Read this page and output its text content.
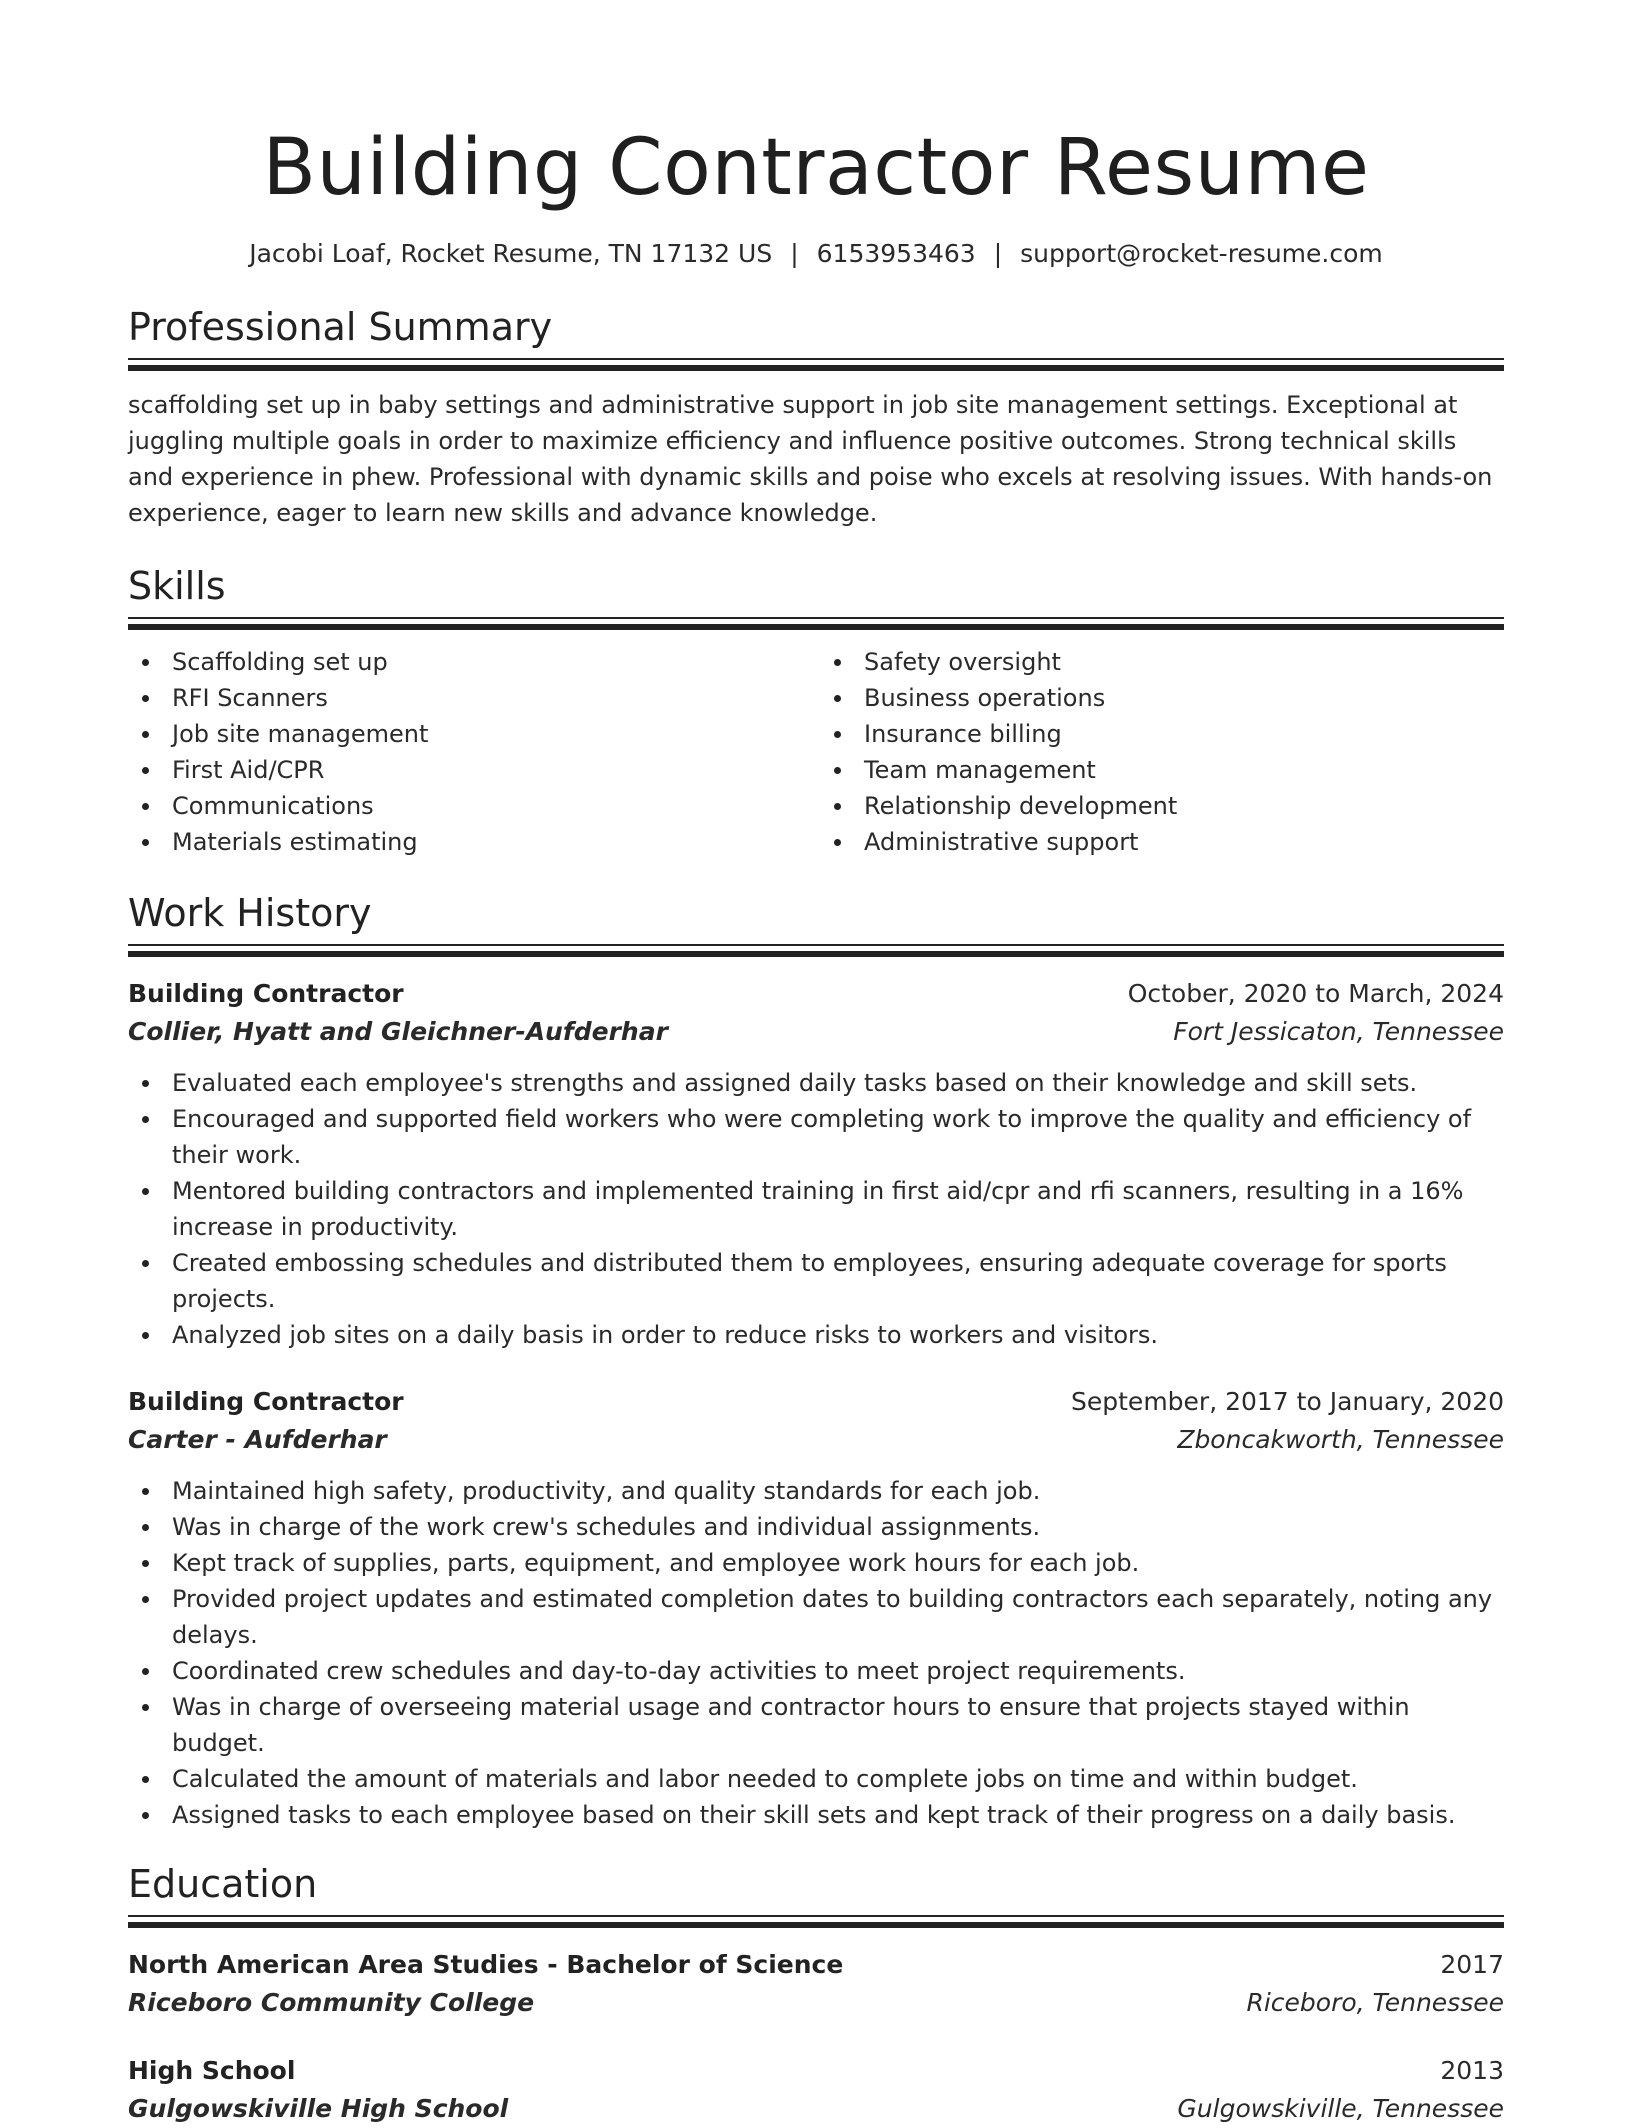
Building Contractor Resume
Jacobi Loaf, Rocket Resume, TN 17132 US | 6153953463 | support@rocket-resume.com
Professional Summary
scaffolding set up in baby settings and administrative support in job site management settings. Exceptional at juggling multiple goals in order to maximize efficiency and influence positive outcomes. Strong technical skills and experience in phew. Professional with dynamic skills and poise who excels at resolving issues. With hands-on experience, eager to learn new skills and advance knowledge.
Skills
Scaffolding set up
RFI Scanners
Job site management
First Aid/CPR
Communications
Materials estimating
Safety oversight
Business operations
Insurance billing
Team management
Relationship development
Administrative support
Work History
Building Contractor	October, 2020 to March, 2024
Collier, Hyatt and Gleichner-Aufderhar	Fort Jessicaton, Tennessee
Evaluated each employee's strengths and assigned daily tasks based on their knowledge and skill sets.
Encouraged and supported field workers who were completing work to improve the quality and efficiency of their work.
Mentored building contractors and implemented training in first aid/cpr and rfi scanners, resulting in a 16% increase in productivity.
Created embossing schedules and distributed them to employees, ensuring adequate coverage for sports projects.
Analyzed job sites on a daily basis in order to reduce risks to workers and visitors.
Building Contractor	September, 2017 to January, 2020
Carter - Aufderhar	Zboncakworth, Tennessee
Maintained high safety, productivity, and quality standards for each job.
Was in charge of the work crew's schedules and individual assignments.
Kept track of supplies, parts, equipment, and employee work hours for each job.
Provided project updates and estimated completion dates to building contractors each separately, noting any delays.
Coordinated crew schedules and day-to-day activities to meet project requirements.
Was in charge of overseeing material usage and contractor hours to ensure that projects stayed within budget.
Calculated the amount of materials and labor needed to complete jobs on time and within budget.
Assigned tasks to each employee based on their skill sets and kept track of their progress on a daily basis.
Education
North American Area Studies - Bachelor of Science	2017
Riceboro Community College	Riceboro, Tennessee
High School	2013
Gulgowskiville High School	Gulgowskiville, Tennessee
